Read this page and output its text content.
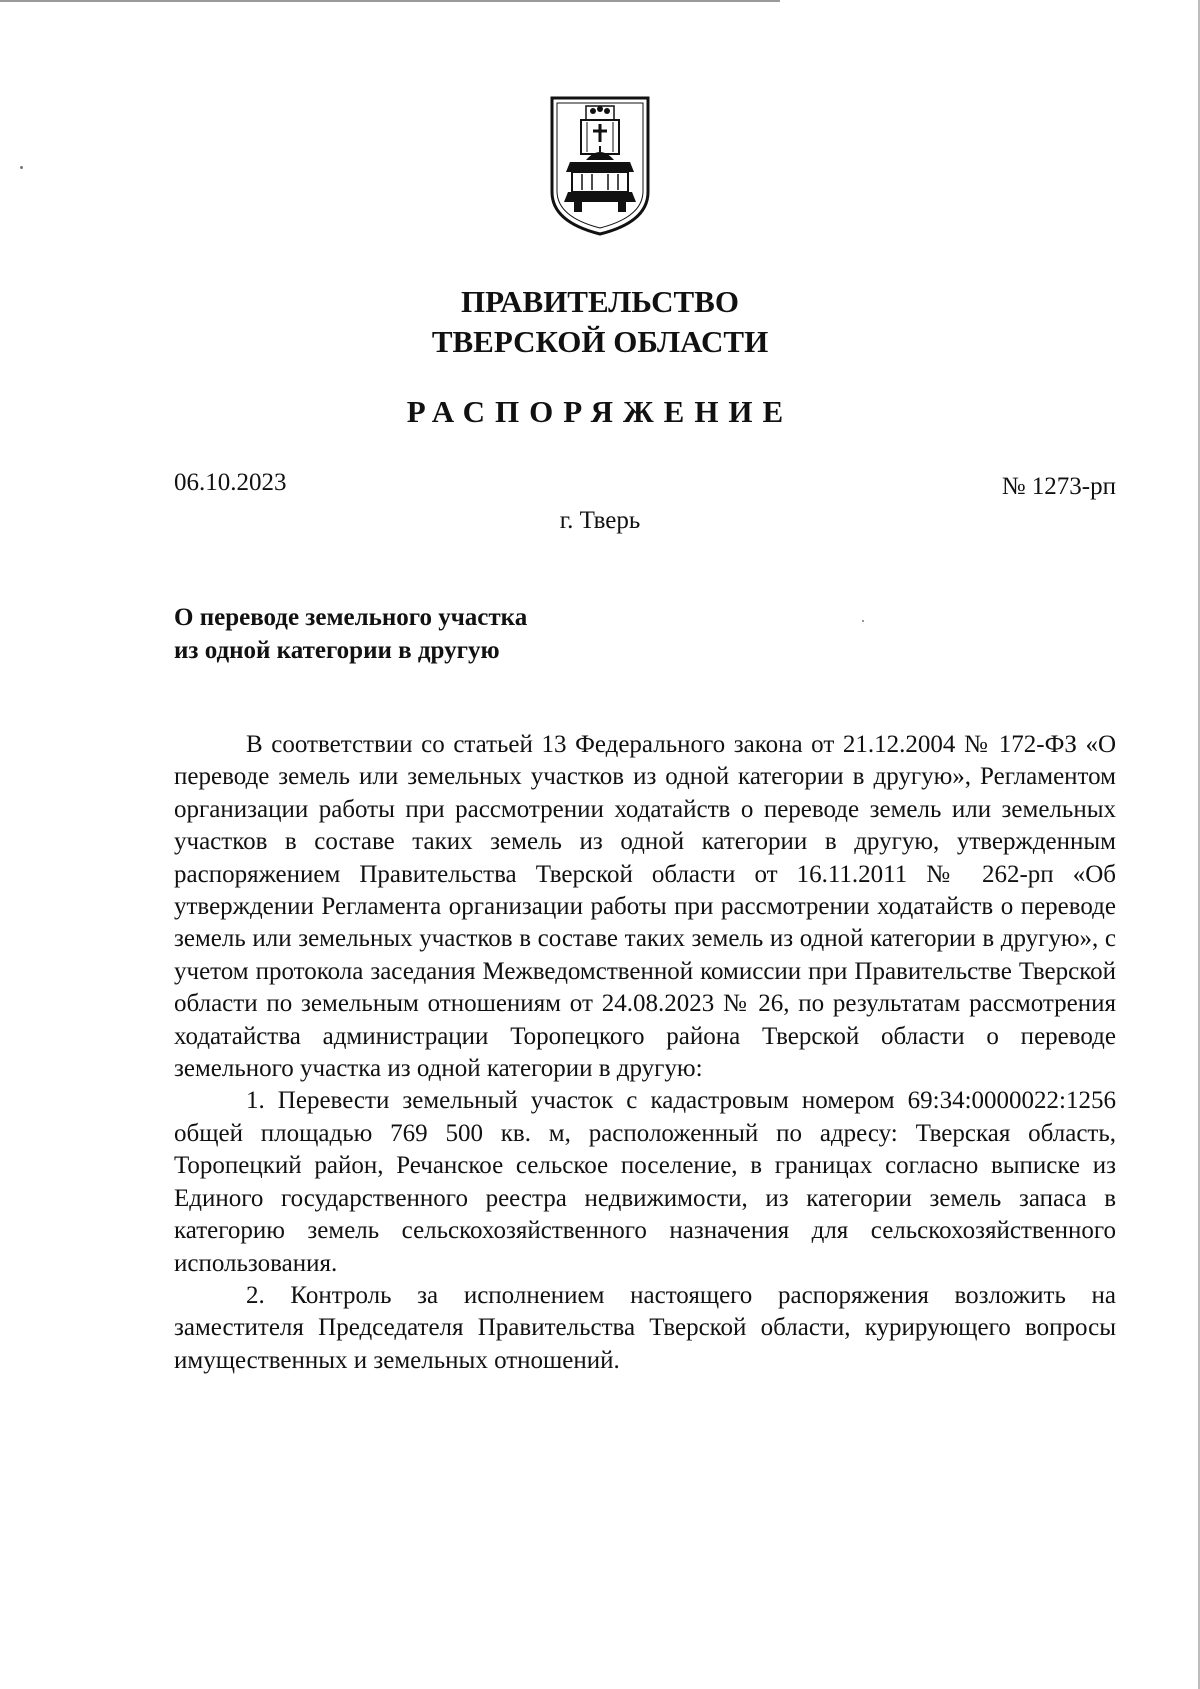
ПРАВИТЕЛЬСТВО
ТВЕРСКОЙ ОБЛАСТИ
РАСПОРЯЖЕНИЕ
06.10.2023	№ 1273-рп
г. Тверь
О переводе земельного участка
из одной категории в другую

В соответствии со статьей 13 Федерального закона от 21.12.2004 № 172-ФЗ «О переводе земель или земельных участков из одной категории в другую», Регламентом организации работы при рассмотрении ходатайств о переводе земель или земельных участков в составе таких земель из одной категории в другую, утвержденным распоряжением Правительства Тверской области от 16.11.2011 № 262-рп «Об утверждении Регламента организации работы при рассмотрении ходатайств о переводе земель или земельных участков в составе таких земель из одной категории в другую», с учетом протокола заседания Межведомственной комиссии при Правительстве Тверской области по земельным отношениям от 24.08.2023 № 26, по результатам рассмотрения ходатайства администрации Торопецкого района Тверской области о переводе земельного участка из одной категории в другую:

1. Перевести земельный участок с кадастровым номером 69:34:0000022:1256 общей площадью 769 500 кв. м, расположенный по адресу: Тверская область, Торопецкий район, Речанское сельское поселение, в границах согласно выписке из Единого государственного реестра недвижимости, из категории земель запаса в категорию земель сельскохозяйственного назначения для сельскохозяйственного использования.

2. Контроль за исполнением настоящего распоряжения возложить на заместителя Председателя Правительства Тверской области, курирующего вопросы имущественных и земельных отношений.
